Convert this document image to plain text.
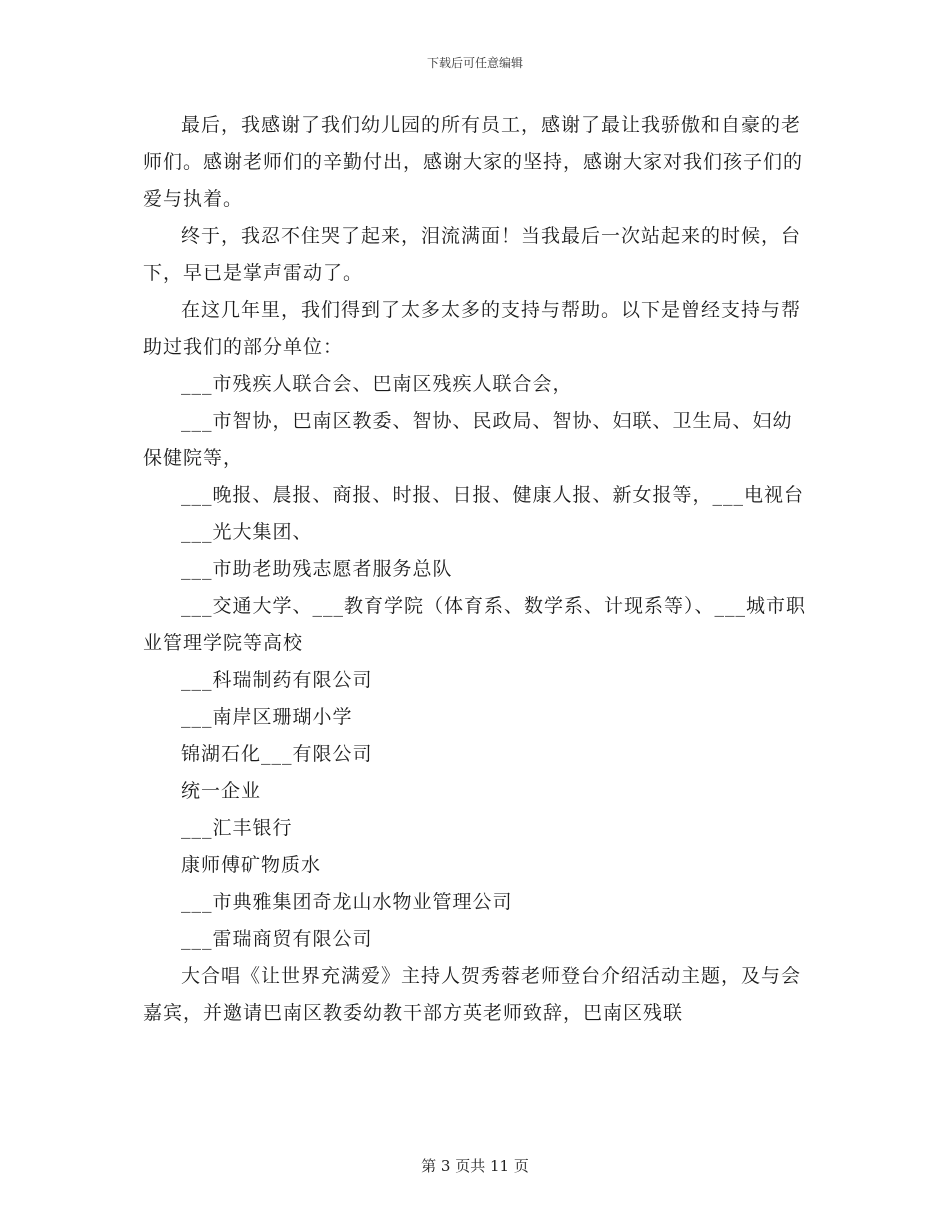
下载后可任意编辑

最后，我感谢了我们幼儿园的所有员工，感谢了最让我骄傲和自豪的老师们。感谢老师们的辛勤付出，感谢大家的坚持，感谢大家对我们孩子们的爱与执着。

终于，我忍不住哭了起来，泪流满面！当我最后一次站起来的时候，台下，早已是掌声雷动了。

在这几年里，我们得到了太多太多的支持与帮助。以下是曾经支持与帮助过我们的部分单位：

___市残疾人联合会、巴南区残疾人联合会，

___市智协，巴南区教委、智协、民政局、智协、妇联、卫生局、妇幼保健院等，

___晚报、晨报、商报、时报、日报、健康人报、新女报等，___电视台

___光大集团、

___市助老助残志愿者服务总队

___交通大学、___教育学院（体育系、数学系、计现系等）、___城市职业管理学院等高校

___科瑞制药有限公司

___南岸区珊瑚小学

锦湖石化___有限公司

统一企业

___汇丰银行

康师傅矿物质水

___市典雅集团奇龙山水物业管理公司

___雷瑞商贸有限公司

大合唱《让世界充满爱》主持人贺秀蓉老师登台介绍活动主题，及与会嘉宾，并邀请巴南区教委幼教干部方英老师致辞，巴南区残联

第 3 页共 11 页
